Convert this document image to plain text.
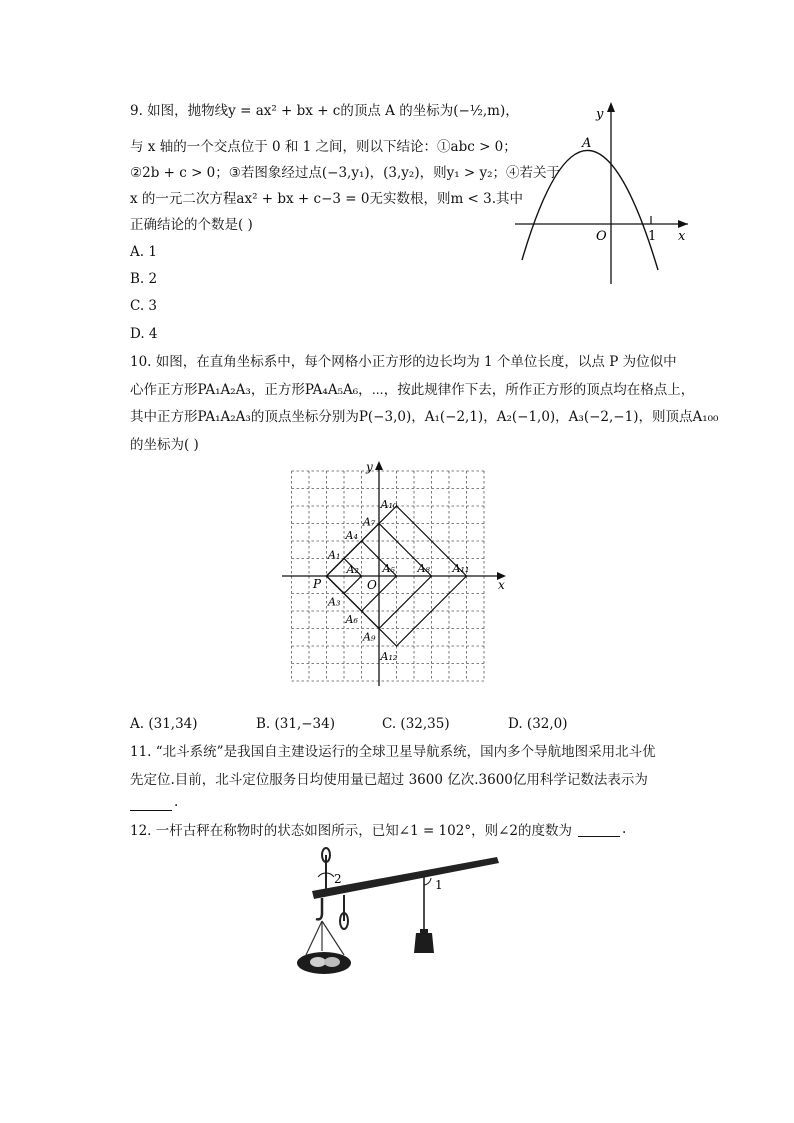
9. 如图，抛物线y = ax² + bx + c的顶点 A 的坐标为(−½,m)，
与 x 轴的一个交点位于 0 和 1 之间，则以下结论：①abc > 0；
②2b + c > 0；③若图象经过点(−3,y₁)，(3,y₂)，则y₁ > y₂；④若关于
x 的一元二次方程ax² + bx + c−3 = 0无实数根，则m < 3.其中
正确结论的个数是( )
A. 1
B. 2
C. 3
D. 4
A
O	1 x
y
10. 如图，在直角坐标系中，每个网格小正方形的边长均为 1 个单位长度，以点 P 为位似中
心作正方形PA₁A₂A₃，正方形PA₄A₅A₆，⋯，按此规律作下去，所作正方形的顶点均在格点上，
其中正方形PA₁A₂A₃的顶点坐标分别为P(−3,0)，A₁(−2,1)，A₂(−1,0)，A₃(−2,−1)，则顶点A₁₀₀
的坐标为( )
x
y
O
P
A₁
A₂
A₃
A₄
A₅
A₆
A₇
A₈
A₉
A₁₀
A₁₁
A₁₂
A. (31,34)	B. (31,−34)	C. (32,35)	D. (32,0)
11. “北斗系统”是我国自主建设运行的全球卫星导航系统，国内多个导航地图采用北斗优
先定位.目前，北斗定位服务日均使用量已超过 3600 亿次.3600亿用科学记数法表示为
.
12. 一杆古秤在称物时的状态如图所示，已知∠1 = 102°，则∠2的度数为	.
1
2
